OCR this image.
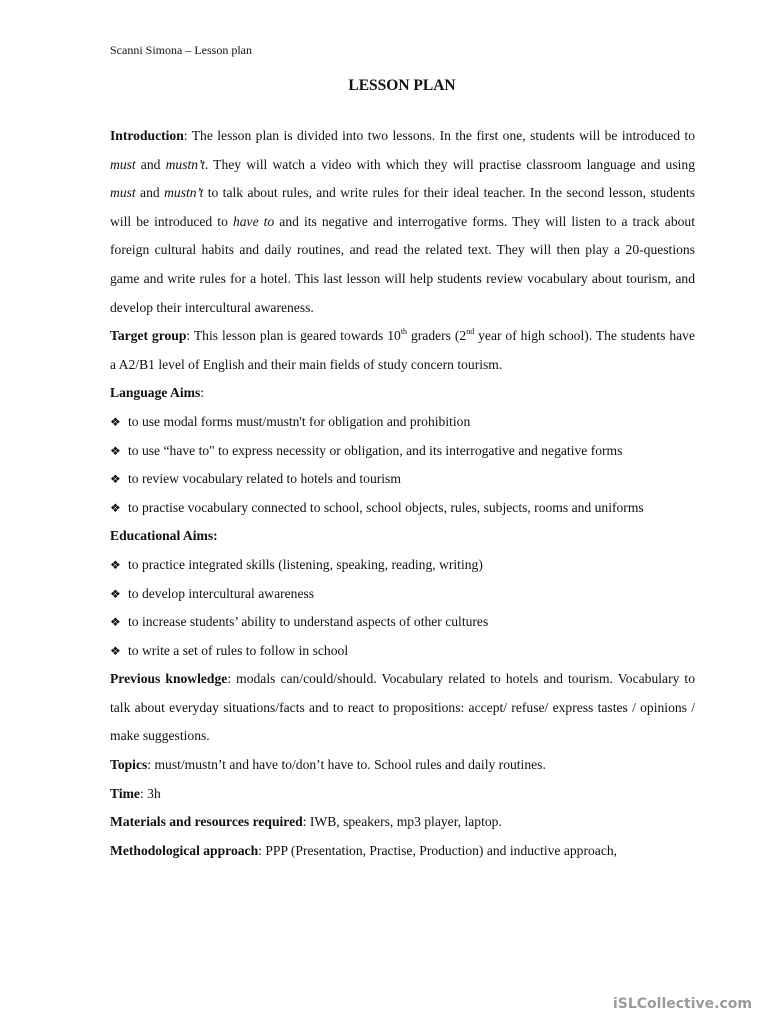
Scanni Simona – Lesson plan
LESSON PLAN

Introduction: The lesson plan is divided into two lessons. In the first one, students will be introduced to must and mustn’t. They will watch a video with which they will practise classroom language and using must and mustn’t to talk about rules, and write rules for their ideal teacher. In the second lesson, students will be introduced to have to and its negative and interrogative forms. They will listen to a track about foreign cultural habits and daily routines, and read the related text. They will then play a 20-questions game and write rules for a hotel. This last lesson will help students review vocabulary about tourism, and develop their intercultural awareness.

Target group: This lesson plan is geared towards 10th graders (2nd year of high school). The students have a A2/B1 level of English and their main fields of study concern tourism.

Language Aims:

❖ to use modal forms must/mustn't for obligation and prohibition
❖ to use “have to" to express necessity or obligation, and its interrogative and negative forms
❖ to review vocabulary related to hotels and tourism
❖ to practise vocabulary connected to school, school objects, rules, subjects, rooms and uniforms

Educational Aims:

❖ to practice integrated skills (listening, speaking, reading, writing)
❖ to develop intercultural awareness
❖ to increase students’ ability to understand aspects of other cultures
❖ to write a set of rules to follow in school

Previous knowledge: modals can/could/should. Vocabulary related to hotels and tourism. Vocabulary to talk about everyday situations/facts and to react to propositions: accept/ refuse/ express tastes / opinions / make suggestions.

Topics: must/mustn’t and have to/don’t have to. School rules and daily routines.

Time: 3h

Materials and resources required: IWB, speakers, mp3 player, laptop.

Methodological approach: PPP (Presentation, Practise, Production) and inductive approach,

iSLCollective.com
